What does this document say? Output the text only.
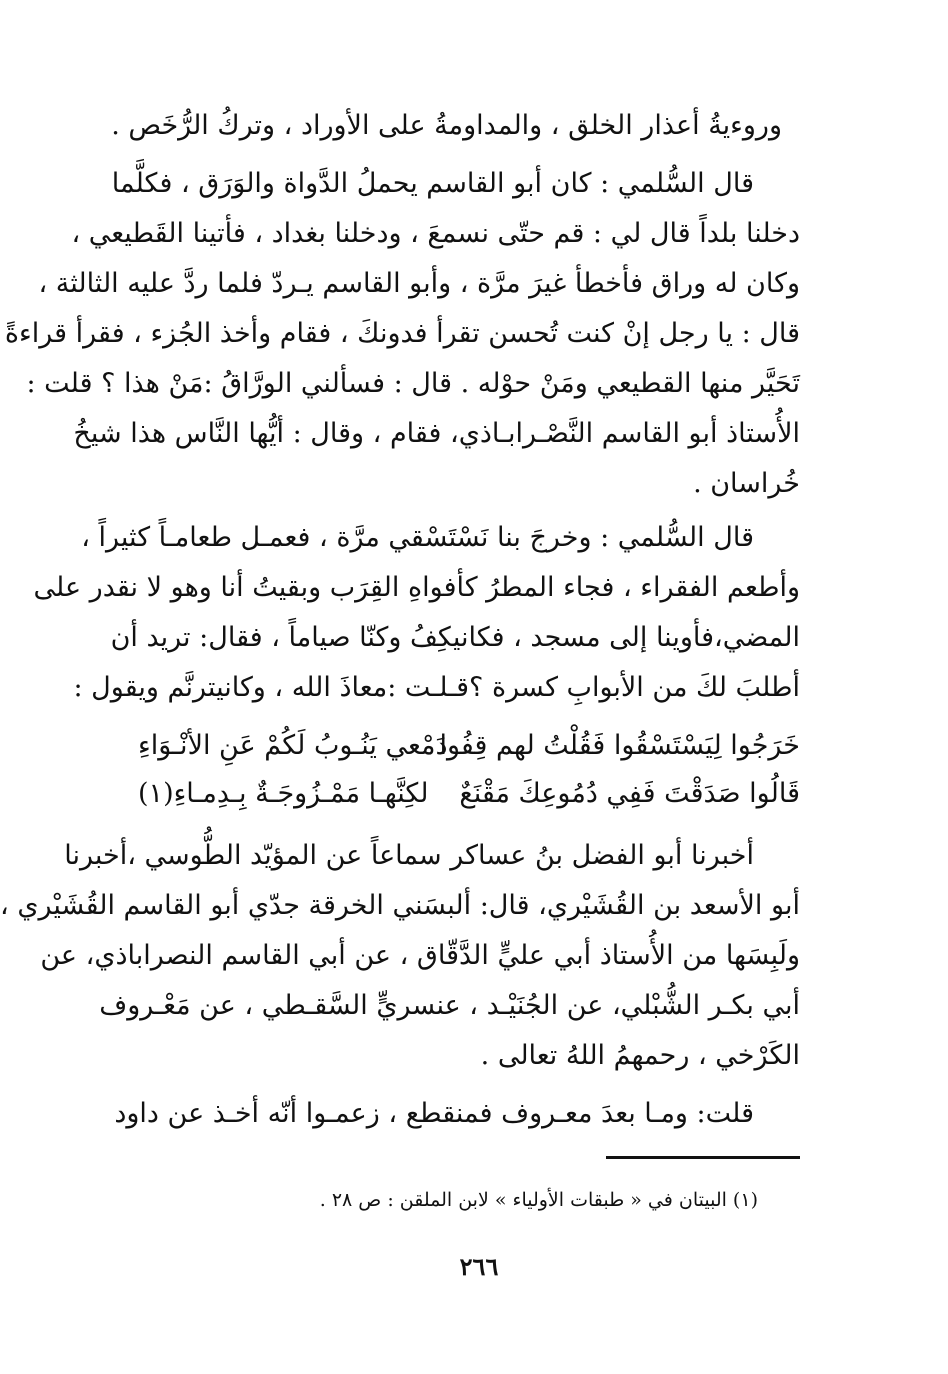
وروءيةُ أعذار الخلق ، والمداومةُ على الأوراد ، وتركُ الرُّخَص .
قال السُّلمي : كان أبو القاسم يحملُ الدَّواة والوَرَق ، فكلَّما
دخلنا بلداً قال لي : قم حتّى نسمعَ ، ودخلنا بغداد ، فأتينا القَطيعي ،
وكان له وراق فأخطأ غيرَ مرَّة ، وأبو القاسم يـردّ فلما ردَّ عليه الثالثة ،
قال : يا رجل إنْ كنت تُحسن تقرأ فدونكَ ، فقام وأخذ الجُزء ، فقرأ قراءةً
تَحَيَّر منها القطيعي ومَنْ حوْله . قال : فسألني الورَّاقُ :مَنْ هذا ؟ قلت :
الأُستاذ أبو القاسم النَّصْـرابـاذي، فقام ، وقال : أيُّها النَّاس هذا شيخُ
خُراسان .
قال السُّلمي : وخرجَ بنا نَسْتَسْقي مرَّة ، فعمـل طعامـاً كثيراً ،
وأطعم الفقراء ، فجاء المطرُ كأفواهِ القِرَب وبقيتُ أنا وهو لا نقدر على
المضي،فأوينا إلى مسجد ، فكانيكِفُ وكنّا صياماً ، فقال: تريد أن
أطلبَ لكَ من الأبوابِ كسرة ؟قـلـت :معاذَ الله ، وكانيترنَّم ويقول :
خَرَجُوا لِيَسْتَسْقُوا فَقُلْتُ لهم قِفُوا
دَمْعي يَنُـوبُ لَكُمْ عَنِ الأنْـوَاءِ
قَالُوا صَدَقْتَ فَفِي دُمُوعِكَ مَقْنَعٌ
لكِنَّهـا مَمْـزُوجَـةٌ بِـدِمـاءِ(١)
أخبرنا أبو الفضل بنُ عساكر سماعاً عن المؤيّد الطُّوسي ،أخبرنا
أبو الأسعد بن القُشَيْري، قال: ألبسَني الخرقة جدّي أبو القاسم القُشَيْري ،
ولَبِسَها من الأُستاذ أبي عليٍّ الدَّقّاق ، عن أبي القاسم النصراباذي، عن
أبي بكـر الشُّبْلي، عن الجُنَيْـد ، عنسريٍّ السَّقـطي ، عن مَعْـروف
الكَرْخي ، رحمهمُ اللهُ تعالى .
قلت: ومـا بعدَ معـروف فمنقطع ، زعمـوا أنّه أخـذ عن داود
(١) البيتان في « طبقات الأولياء » لابن الملقن : ص ٢٨ .
٢٦٦
